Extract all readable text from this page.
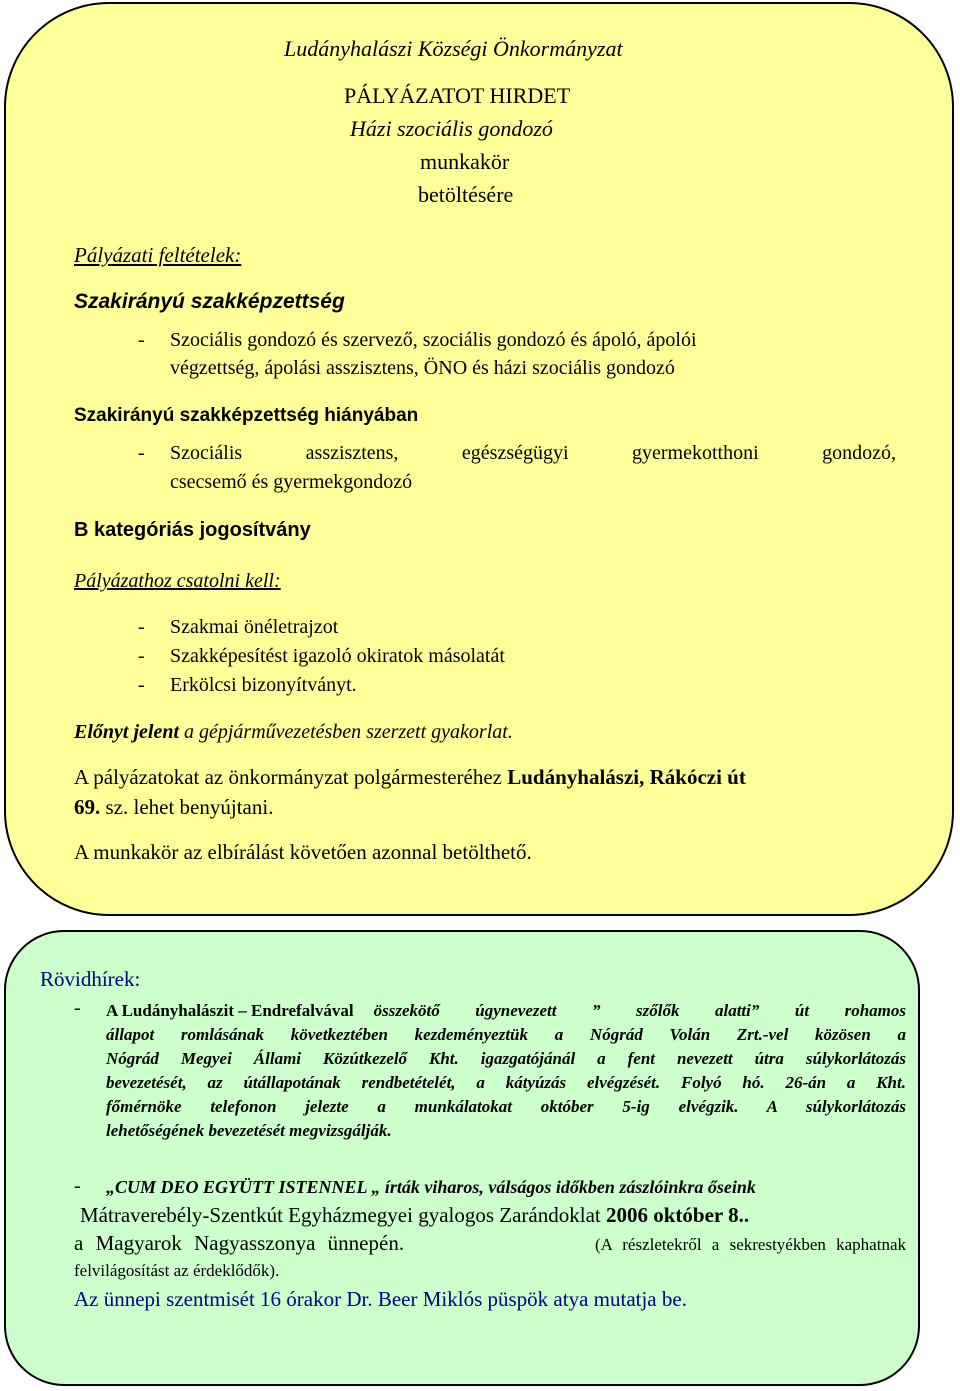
Ludányhalászi Községi Önkormányzat
PÁLYÁZATOT HIRDET
Házi szociális gondozó
munkakör
betöltésére
Pályázati feltételek:
Szakirányú szakképzettség
- Szociális gondozó és szervező, szociális gondozó és ápoló, ápolói
végzettség, ápolási asszisztens, ÖNO és házi szociális gondozó
Szakirányú szakképzettség hiányában
- Szociális asszisztens, egészségügyi gyermekotthoni gondozó,
csecsemő és gyermekgondozó
B kategóriás jogosítvány
Pályázathoz csatolni kell:
- Szakmai önéletrajzot
- Szakképesítést igazoló okiratok másolatát
- Erkölcsi bizonyítványt.
Előnyt jelent a gépjárművezetésben szerzett gyakorlat.
A pályázatokat az önkormányzat polgármesteréhez Ludányhalászi, Rákóczi út
69. sz. lehet benyújtani.
A munkakör az elbírálást követően azonnal betölthető.
Rövidhírek:
- A Ludányhalászit – Endrefalvával összekötő úgynevezett ” szőlők alatti” út rohamos
állapot romlásának következtében kezdeményeztük a Nógrád Volán Zrt.-vel közösen a
Nógrád Megyei Állami Közútkezelő Kht. igazgatójánál a fent nevezett útra súlykorlátozás
bevezetését, az útállapotának rendbetételét, a kátyúzás elvégzését. Folyó hó. 26-án a Kht.
főmérnöke telefonon jelezte a munkálatokat október 5-ig elvégzik. A súlykorlátozás
lehetőségének bevezetését megvizsgálják.
- „CUM DEO EGYÜTT ISTENNEL „ írták viharos, válságos időkben zászlóinkra őseink
Mátraverebély-Szentkút Egyházmegyei gyalogos Zarándoklat 2006 október 8..
a Magyarok Nagyasszonya ünnepén.	(A részletekről a sekrestyékben kaphatnak
felvilágosítást az érdeklődők).
Az ünnepi szentmisét 16 órakor Dr. Beer Miklós püspök atya mutatja be.
